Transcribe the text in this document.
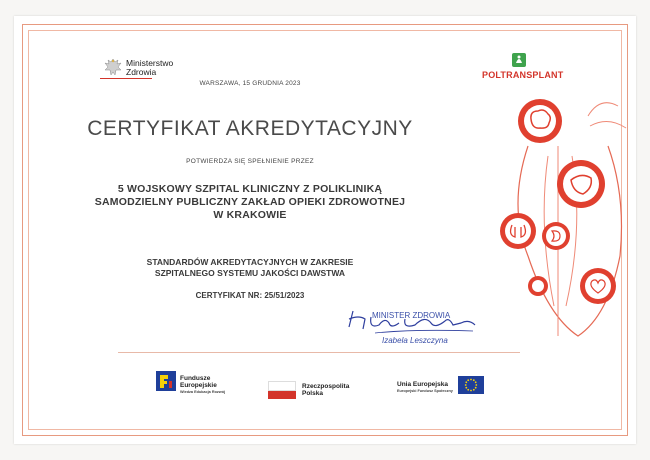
Ministerstwo
Zdrowia	POLTRANSPLANT
WARSZAWA, 15 GRUDNIA 2023
CERTYFIKAT AKREDYTACYJNY
POTWIERDZA SIĘ SPEŁNIENIE PRZEZ
5 WOJSKOWY SZPITAL KLINICZNY Z POLIKLINIKĄ
SAMODZIELNY PUBLICZNY ZAKŁAD OPIEKI ZDROWOTNEJ
W KRAKOWIE
STANDARDÓW AKREDYTACYJNYCH W ZAKRESIE
SZPITALNEGO SYSTEMU JAKOŚCI DAWSTWA
CERTYFIKAT NR: 25/51/2023
MINISTER ZDROWIA
Izabela Leszczyna
Fundusze
Europejskie
Wiedza Edukacja Rozwój
Rzeczpospolita
Polska
Unia Europejska
Europejski Fundusz Społeczny
